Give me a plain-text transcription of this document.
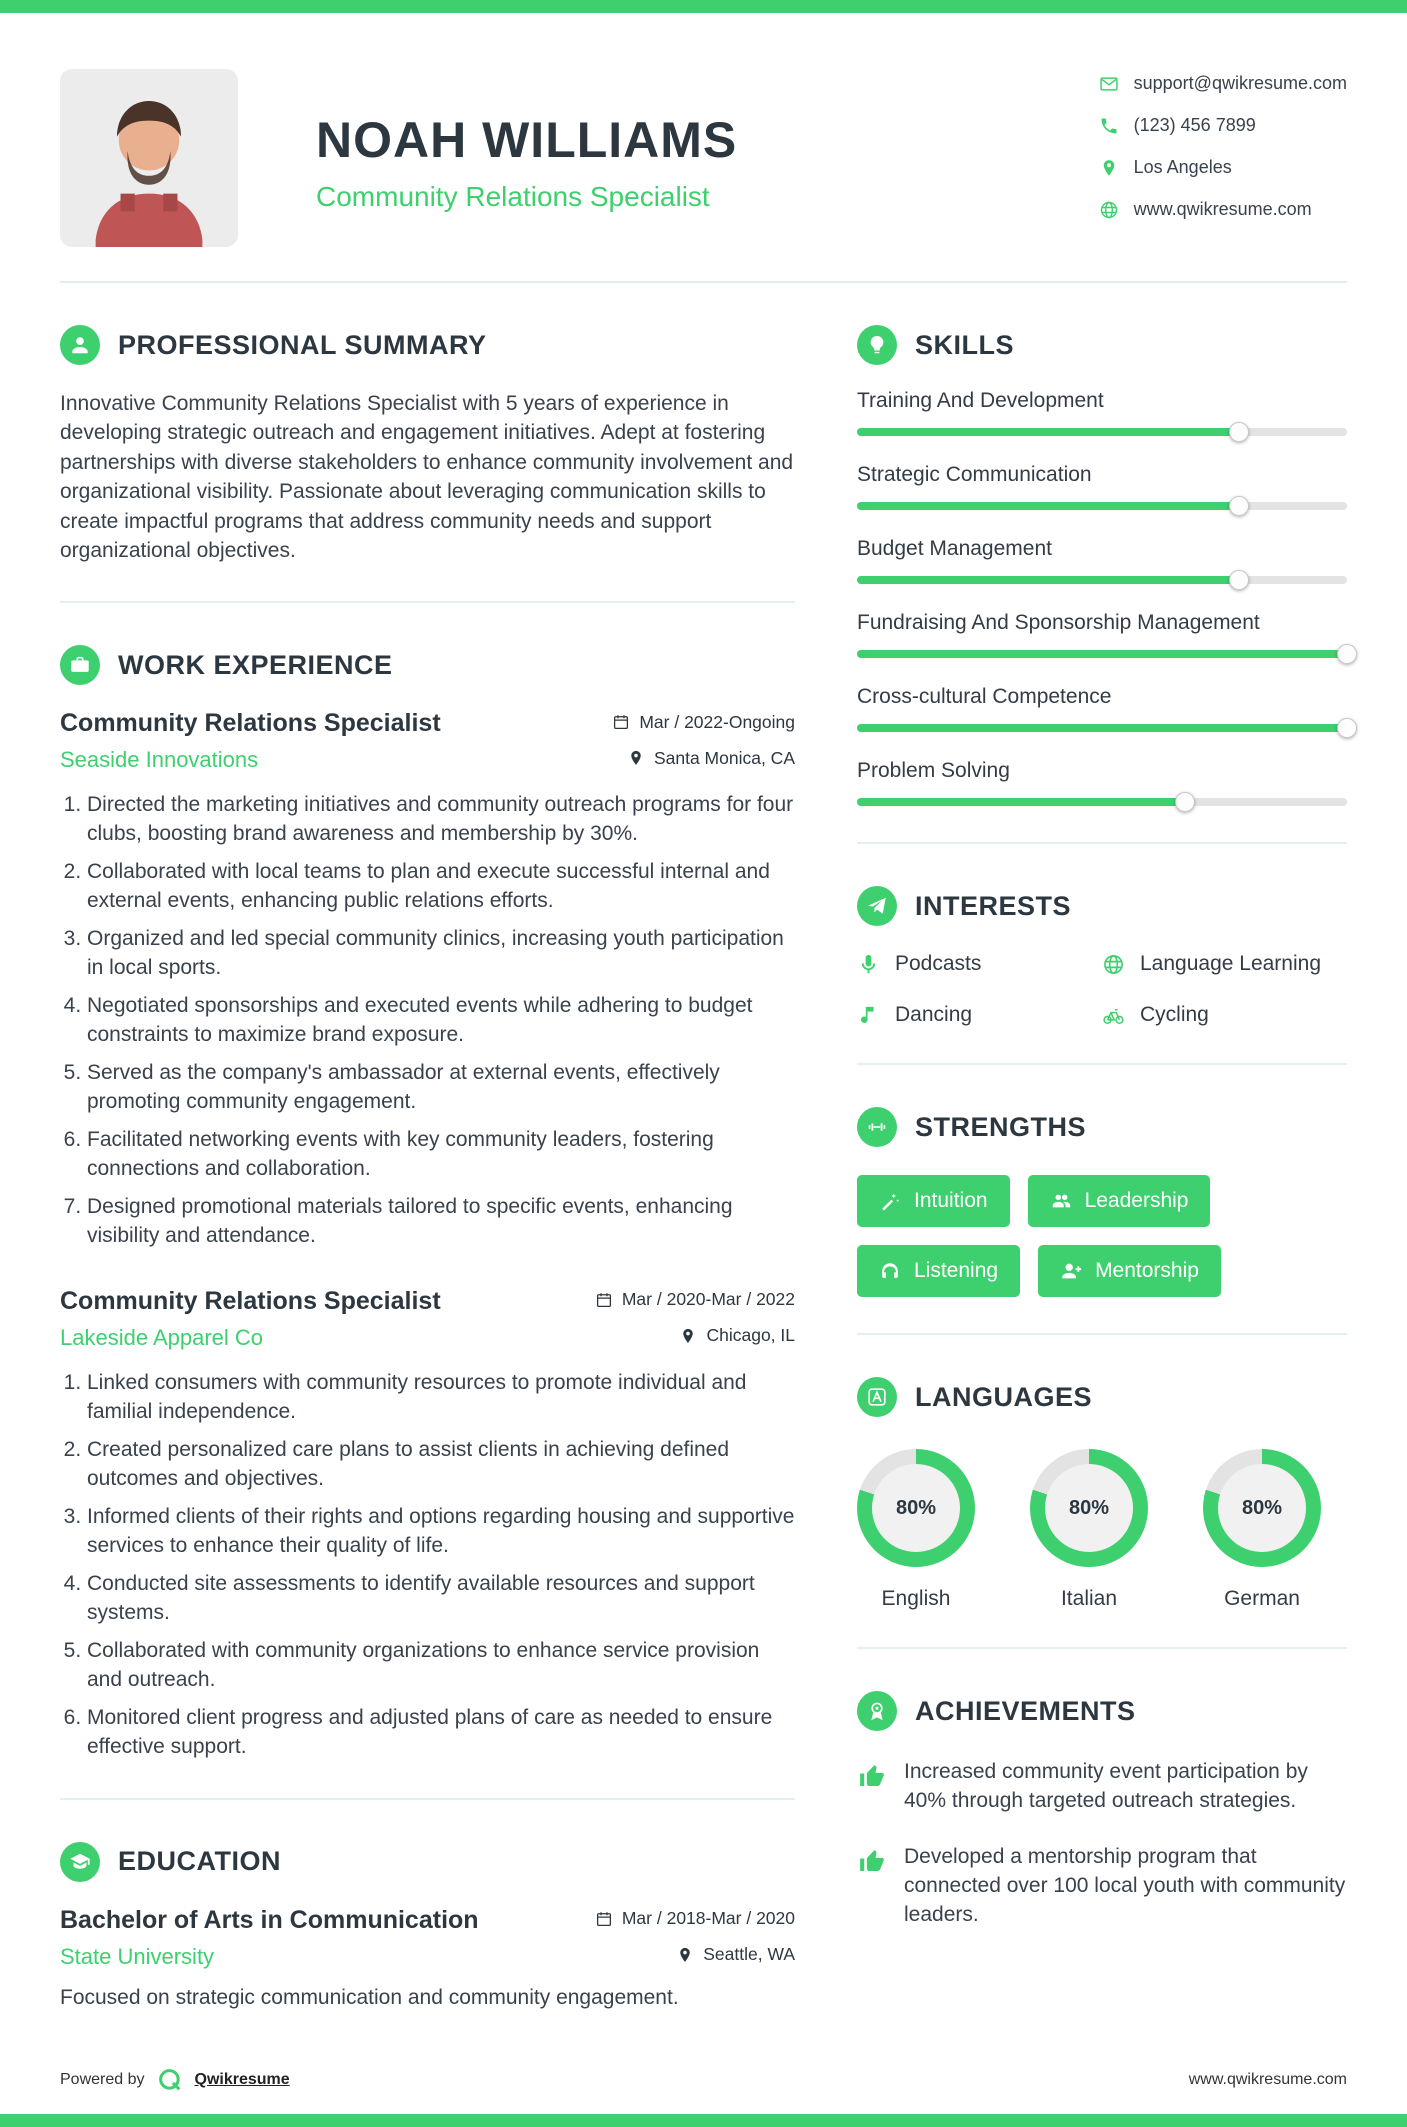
NOAH WILLIAMS
Community Relations Specialist
support@qwikresume.com
(123) 456 7899
Los Angeles
www.qwikresume.com
PROFESSIONAL SUMMARY

Innovative Community Relations Specialist with 5 years of experience in developing strategic outreach and engagement initiatives. Adept at fostering partnerships with diverse stakeholders to enhance community involvement and organizational visibility. Passionate about leveraging communication skills to create impactful programs that address community needs and support organizational objectives.

WORK EXPERIENCE
Community Relations Specialist	Mar / 2022-Ongoing
Seaside Innovations	Santa Monica, CA
1. Directed the marketing initiatives and community outreach programs for four clubs, boosting brand awareness and membership by 30%.
2. Collaborated with local teams to plan and execute successful internal and external events, enhancing public relations efforts.
3. Organized and led special community clinics, increasing youth participation in local sports.
4. Negotiated sponsorships and executed events while adhering to budget constraints to maximize brand exposure.
5. Served as the company's ambassador at external events, effectively promoting community engagement.
6. Facilitated networking events with key community leaders, fostering connections and collaboration.
7. Designed promotional materials tailored to specific events, enhancing visibility and attendance.
Community Relations Specialist	Mar / 2020-Mar / 2022
Lakeside Apparel Co	Chicago, IL
1. Linked consumers with community resources to promote individual and familial independence.
2. Created personalized care plans to assist clients in achieving defined outcomes and objectives.
3. Informed clients of their rights and options regarding housing and supportive services to enhance their quality of life.
4. Conducted site assessments to identify available resources and support systems.
5. Collaborated with community organizations to enhance service provision and outreach.
6. Monitored client progress and adjusted plans of care as needed to ensure effective support.
EDUCATION
Bachelor of Arts in Communication	Mar / 2018-Mar / 2020
State University	Seattle, WA

Focused on strategic communication and community engagement.

SKILLS
Training And Development
Strategic Communication
Budget Management
Fundraising And Sponsorship Management
Cross-cultural Competence
Problem Solving
INTERESTS
Podcasts	Language Learning
Dancing	Cycling
STRENGTHS
Intuition	Leadership
Listening	Mentorship
LANGUAGES
80%
English
80%
Italian
80%
German
ACHIEVEMENTS

Increased community event participation by 40% through targeted outreach strategies.

Developed a mentorship program that connected over 100 local youth with community leaders.

Powered by	Qwikresume	www.qwikresume.com
